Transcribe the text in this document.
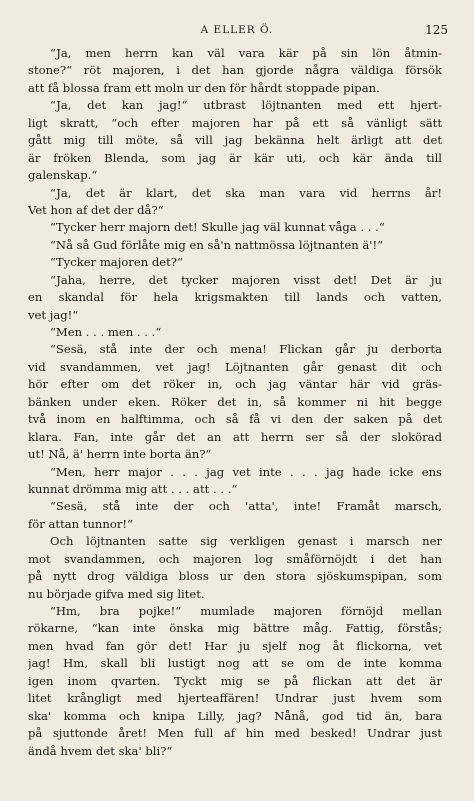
A ELLER Ö.	125
“Ja, men herrn kan väl vara kär på sin lön åtmin-
stone?“ röt majoren, i det han gjorde några väldiga försök
att få blossa fram ett moln ur den för hårdt stoppade pipan.
“Ja, det kan jag!“ utbrast löjtnanten med ett hjert-
ligt skratt, “och efter majoren har på ett så vänligt sätt
gått mig till möte, så vill jag bekänna helt ärligt att det
är fröken Blenda, som jag är kär uti, och kär ända till
galenskap.“
“Ja, det är klart, det ska man vara vid herrns år!
Vet hon af det der då?“
“Tycker herr majorn det! Skulle jag väl kunnat våga . . .“
“Nå så Gud förlåte mig en så'n nattmössa löjtnanten ä'!“
“Tycker majoren det?“
“Jaha, herre, det tycker majoren visst det! Det är ju
en skandal för hela krigsmakten till lands och vatten,
vet jag!“
“Men . . . men . . .“
“Sesä, stå inte der och mena! Flickan går ju derborta
vid svandammen, vet jag! Löjtnanten går genast dit och
hör efter om det röker in, och jag väntar här vid gräs-
bänken under eken. Röker det in, så kommer ni hit begge
två inom en halftimma, och så få vi den der saken på det
klara. Fan, inte går det an att herrn ser så der slokörad
ut! Nå, ä' herrn inte borta än?“
“Men, herr major . . . jag vet inte . . . jag hade icke ens
kunnat drömma mig att . . . att . . .“
“Sesä, stå inte der och 'atta', inte! Framåt marsch,
för attan tunnor!“
Och löjtnanten satte sig verkligen genast i marsch ner
mot svandammen, och majoren log småförnöjdt i det han
på nytt drog väldiga bloss ur den stora sjöskumspipan, som
nu började gifva med sig litet.
“Hm, bra pojke!“ mumlade majoren förnöjd mellan
rökarne, “kan inte önska mig bättre måg. Fattig, förstås;
men hvad fan gör det! Har ju sjelf nog åt flickorna, vet
jag! Hm, skall bli lustigt nog att se om de inte komma
igen inom qvarten. Tyckt mig se på flickan att det är
litet krångligt med hjerteaffären! Undrar just hvem som
ska' komma och knipa Lilly, jag? Nånå, god tid än, bara
på sjuttonde året! Men full af hin med besked! Undrar just
ändå hvem det ska' bli?“
